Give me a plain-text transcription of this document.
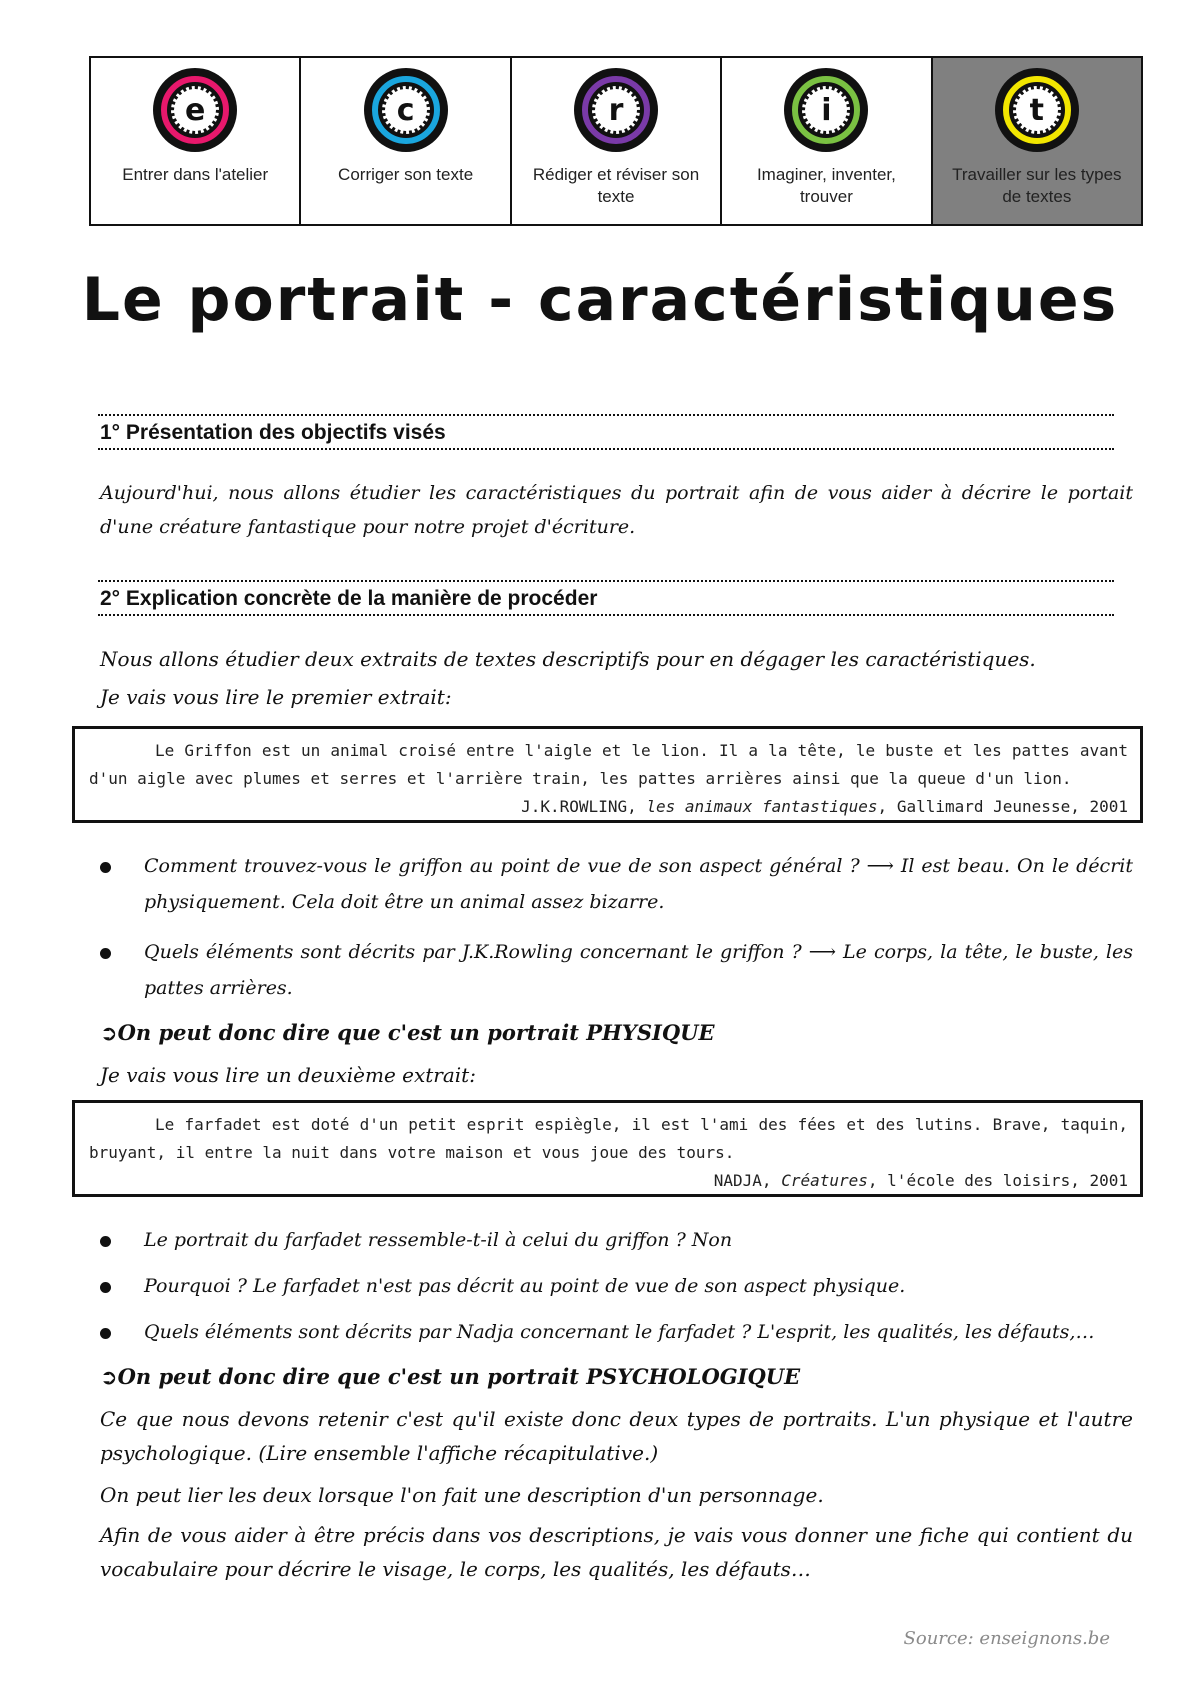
e
Entrer dans l'atelier
c
Corriger son texte
r
Rédiger et réviser son texte
i
Imaginer, inventer, trouver
t
Travailler sur les types de textes
Le portrait - caractéristiques
1° Présentation des objectifs visés
Aujourd'hui, nous allons étudier les caractéristiques du portrait afin de vous aider à décrire le portait d'une créature fantastique pour notre projet d'écriture.
2° Explication concrète de la manière de procéder
Nous allons étudier deux extraits de textes descriptifs pour en dégager les caractéristiques.
Je vais vous lire le premier extrait:
Le Griffon est un animal croisé entre l'aigle et le lion. Il a la tête, le buste et les pattes avant d'un aigle avec plumes et serres et l'arrière train, les pattes arrières ainsi que la queue d'un lion.
J.K.ROWLING, les animaux fantastiques, Gallimard Jeunesse, 2001
Comment trouvez-vous le griffon au point de vue de son aspect général ? ⟶ Il est beau. On le décrit physiquement. Cela doit être un animal assez bizarre.
Quels éléments sont décrits par J.K.Rowling concernant le griffon ? ⟶ Le corps, la tête, le buste, les pattes arrières.
➲On peut donc dire que c'est un portrait PHYSIQUE
Je vais vous lire un deuxième extrait:
Le farfadet est doté d'un petit esprit espiègle, il est l'ami des fées et des lutins. Brave, taquin, bruyant, il entre la nuit dans votre maison et vous joue des tours.
NADJA, Créatures, l'école des loisirs, 2001
Le portrait du farfadet ressemble-t-il à celui du griffon ? Non
Pourquoi ? Le farfadet n'est pas décrit au point de vue de son aspect physique.
Quels éléments sont décrits par Nadja concernant le farfadet ? L'esprit, les qualités, les défauts,…
➲On peut donc dire que c'est un portrait PSYCHOLOGIQUE
Ce que nous devons retenir c'est qu'il existe donc deux types de portraits. L'un physique et l'autre psychologique. (Lire ensemble l'affiche récapitulative.)
On peut lier les deux lorsque l'on fait une description d'un personnage.
Afin de vous aider à être précis dans vos descriptions, je vais vous donner une fiche qui contient du vocabulaire pour décrire le visage, le corps, les qualités, les défauts…
Source: enseignons.be
